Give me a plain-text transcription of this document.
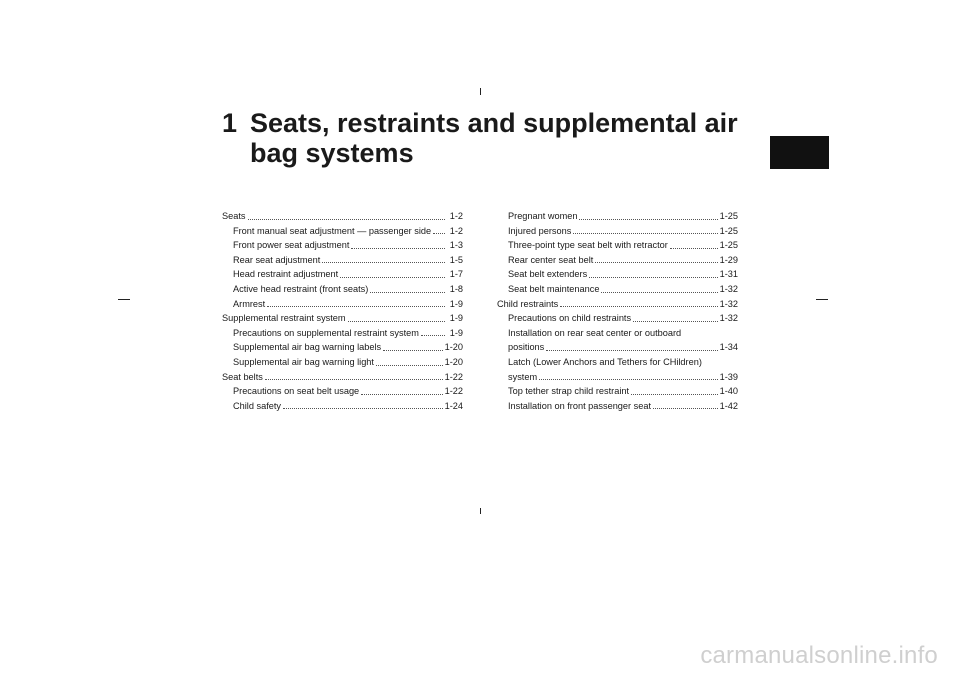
1 Seats, restraints and supplemental air bag systems
Seats	1-2
Front manual seat adjustment — passenger side 1-2
Front power seat adjustment	1-3
Rear seat adjustment	1-5
Head restraint adjustment	1-7
Active head restraint (front seats)	1-8
Armrest	1-9
Supplemental restraint system	1-9
Precautions on supplemental restraint system	1-9
Supplemental air bag warning labels	1-20
Supplemental air bag warning light	1-20
Seat belts	1-22
Precautions on seat belt usage	1-22
Child safety	1-24
Pregnant women	1-25
Injured persons	1-25
Three-point type seat belt with retractor	1-25
Rear center seat belt	1-29
Seat belt extenders	1-31
Seat belt maintenance	1-32
Child restraints	1-32
Precautions on child restraints	1-32
Installation on rear seat center or outboard
positions	1-34
Latch (Lower Anchors and Tethers for CHildren)
system	1-39
Top tether strap child restraint	1-40
Installation on front passenger seat	1-42
carmanualsonline.info
